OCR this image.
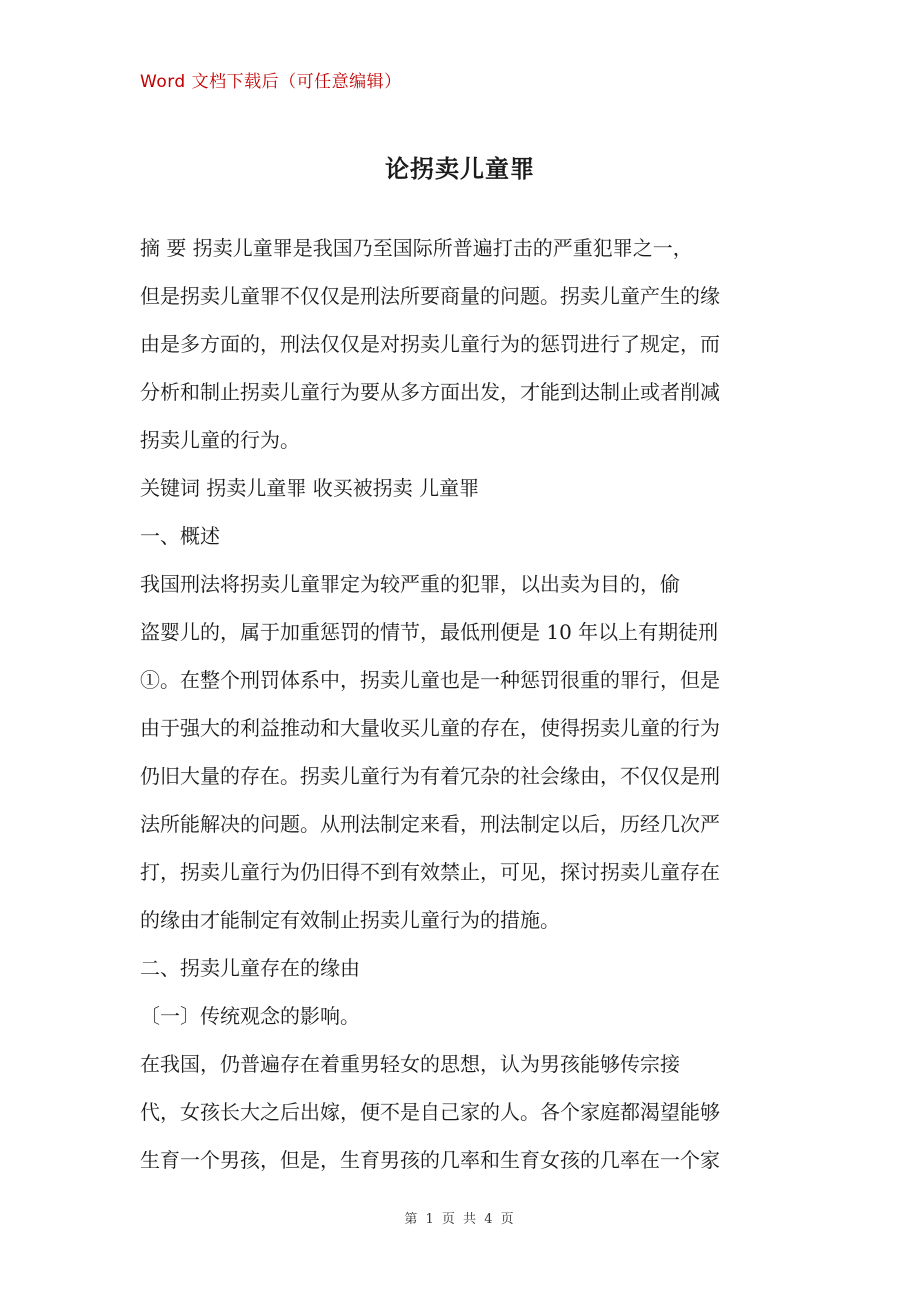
Word 文档下载后（可任意编辑）
论拐卖儿童罪
摘 要 拐卖儿童罪是我国乃至国际所普遍打击的严重犯罪之一，
但是拐卖儿童罪不仅仅是刑法所要商量的问题。拐卖儿童产生的缘
由是多方面的，刑法仅仅是对拐卖儿童行为的惩罚进行了规定，而
分析和制止拐卖儿童行为要从多方面出发，才能到达制止或者削减
拐卖儿童的行为。
关键词 拐卖儿童罪 收买被拐卖 儿童罪
一、概述
我国刑法将拐卖儿童罪定为较严重的犯罪，以出卖为目的，偷
盗婴儿的，属于加重惩罚的情节，最低刑便是 10 年以上有期徒刑
①。在整个刑罚体系中，拐卖儿童也是一种惩罚很重的罪行，但是
由于强大的利益推动和大量收买儿童的存在，使得拐卖儿童的行为
仍旧大量的存在。拐卖儿童行为有着冗杂的社会缘由，不仅仅是刑
法所能解决的问题。从刑法制定来看，刑法制定以后，历经几次严
打，拐卖儿童行为仍旧得不到有效禁止，可见，探讨拐卖儿童存在
的缘由才能制定有效制止拐卖儿童行为的措施。
二、拐卖儿童存在的缘由
〔一〕传统观念的影响。
在我国，仍普遍存在着重男轻女的思想，认为男孩能够传宗接
代，女孩长大之后出嫁，便不是自己家的人。各个家庭都渴望能够
生育一个男孩，但是，生育男孩的几率和生育女孩的几率在一个家
第 1 页 共 4 页
